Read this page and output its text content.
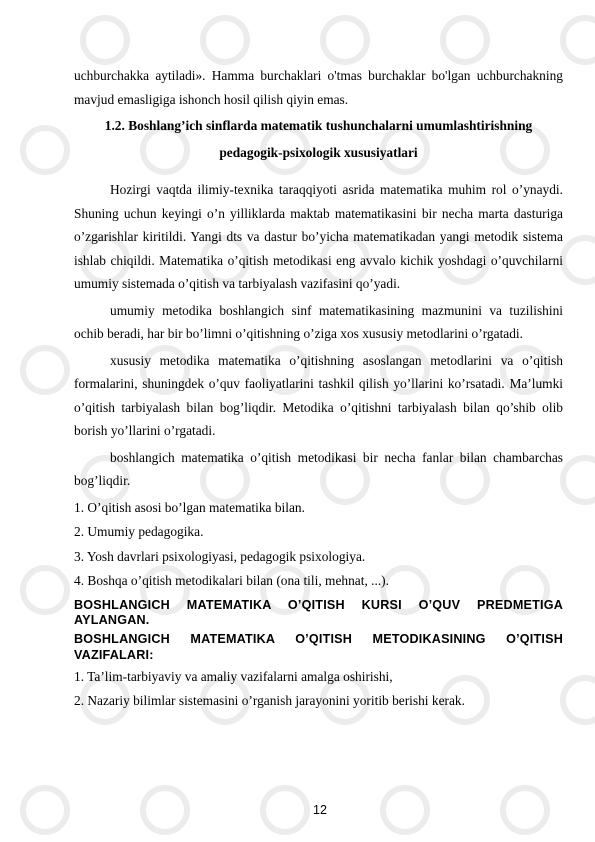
uchburchakka aytiladi». Hamma burchaklari o'tmas burchaklar bo'lgan uchburchakning mavjud emasligiga ishonch hosil qilish qiyin emas.

1.2. Boshlang’ich sinflarda matematik tushunchalarni umumlashtirishning

pedagogik-psixologik xususiyatlari

Hozirgi vaqtda ilimiy-texnika taraqqiyoti asrida matematika muhim rol o’ynaydi. Shuning uchun keyingi o’n yilliklarda maktab matematikasini bir necha marta dasturiga o’zgarishlar kiritildi. Yangi dts va dastur bo’yicha matematikadan yangi metodik sistema ishlab chiqildi. Matematika o’qitish metodikasi eng avvalo kichik yoshdagi o’quvchilarni umumiy sistemada o’qitish va tarbiyalash vazifasini qo’yadi.

umumiy metodika boshlangich sinf matematikasining mazmunini va tuzilishini ochib beradi, har bir bo’limni o’qitishning o’ziga xos xususiy metodlarini o’rgatadi.

xususiy metodika matematika o’qitishning asoslangan metodlarini va o’qitish formalarini, shuningdek o’quv faoliyatlarini tashkil qilish yo’llarini ko’rsatadi. Ma’lumki o’qitish tarbiyalash bilan bog’liqdir. Metodika o’qitishni tarbiyalash bilan qo’shib olib borish yo’llarini o’rgatadi.

boshlangich matematika o’qitish metodikasi bir necha fanlar bilan chambarchas bog’liqdir.

1. O’qitish asosi bo’lgan matematika bilan.

2. Umumiy pedagogika.

3. Yosh davrlari psixologiyasi, pedagogik psixologiya.

4. Boshqa o’qitish metodikalari bilan (ona tili, mehnat, ...).

BOSHLANGICH MATEMATIKA O’QITISH KURSI O’QUV PREDMETIGA AYLANGAN.

BOSHLANGICH MATEMATIKA O’QITISH METODIKASINING O’QITISH VAZIFALARI:

1. Ta’lim-tarbiyaviy va amaliy vazifalarni amalga oshirishi,

2. Nazariy bilimlar sistemasini o’rganish jarayonini yoritib berishi kerak.

12
